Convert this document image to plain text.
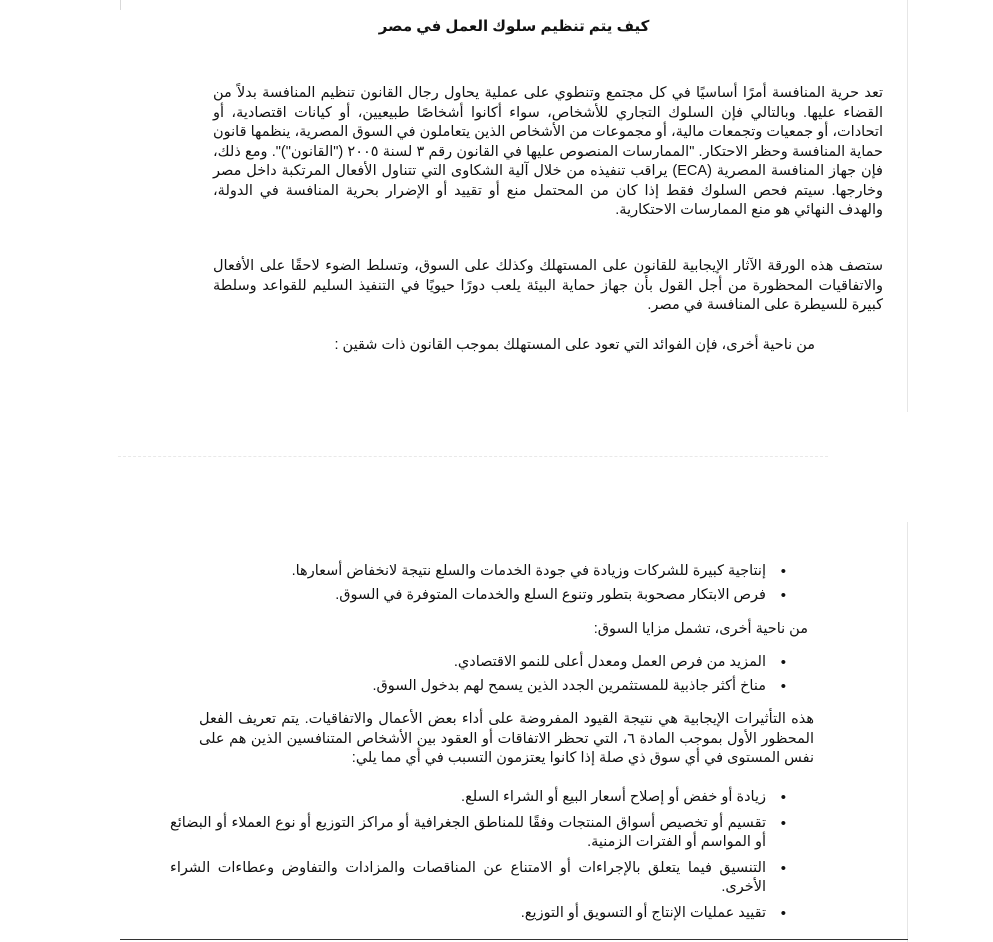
كيف يتم تنظيم سلوك العمل في مصر

تعد حرية المنافسة أمرًا أساسيًا في كل مجتمع وتنطوي على عملية يحاول رجال القانون تنظيم المنافسة بدلاً من القضاء عليها. وبالتالي فإن السلوك التجاري للأشخاص، سواء أكانوا أشخاصًا طبيعيين، أو كيانات اقتصادية، أو اتحادات، أو جمعيات وتجمعات مالية، أو مجموعات من الأشخاص الذين يتعاملون في السوق المصرية، ينظمها قانون حماية المنافسة وحظر الاحتكار. "الممارسات المنصوص عليها في القانون رقم ٣ لسنة ٢٠٠٥ ("القانون")". ومع ذلك، فإن جهاز المنافسة المصرية (ECA) يراقب تنفيذه من خلال آلية الشكاوى التي تتناول الأفعال المرتكبة داخل مصر وخارجها. سيتم فحص السلوك فقط إذا كان من المحتمل منع أو تقييد أو الإضرار بحرية المنافسة في الدولة، والهدف النهائي هو منع الممارسات الاحتكارية.

ستصف هذه الورقة الآثار الإيجابية للقانون على المستهلك وكذلك على السوق، وتسلط الضوء لاحقًا على الأفعال والاتفاقيات المحظورة من أجل القول بأن جهاز حماية البيئة يلعب دورًا حيويًا في التنفيذ السليم للقواعد وسلطة كبيرة للسيطرة على المنافسة في مصر.

من ناحية أخرى، فإن الفوائد التي تعود على المستهلك بموجب القانون ذات شقين :

• إنتاجية كبيرة للشركات وزيادة في جودة الخدمات والسلع نتيجة لانخفاض أسعارها.
• فرص الابتكار مصحوبة بتطور وتنوع السلع والخدمات المتوفرة في السوق.

من ناحية أخرى، تشمل مزايا السوق:

• المزيد من فرص العمل ومعدل أعلى للنمو الاقتصادي.
• مناخ أكثر جاذبية للمستثمرين الجدد الذين يسمح لهم بدخول السوق.

هذه التأثيرات الإيجابية هي نتيجة القيود المفروضة على أداء بعض الأعمال والاتفاقيات. يتم تعريف الفعل المحظور الأول بموجب المادة ٦، التي تحظر الاتفاقات أو العقود بين الأشخاص المتنافسين الذين هم على نفس المستوى في أي سوق ذي صلة إذا كانوا يعتزمون التسبب في أي مما يلي:

• زيادة أو خفض أو إصلاح أسعار البيع أو الشراء السلع.
• تقسيم أو تخصيص أسواق المنتجات وفقًا للمناطق الجغرافية أو مراكز التوزيع أو نوع العملاء أو البضائع أو المواسم أو الفترات الزمنية.
• التنسيق فيما يتعلق بالإجراءات أو الامتناع عن المناقصات والمزادات والتفاوض وعطاءات الشراء الأخرى.
• تقييد عمليات الإنتاج أو التسويق أو التوزيع.
